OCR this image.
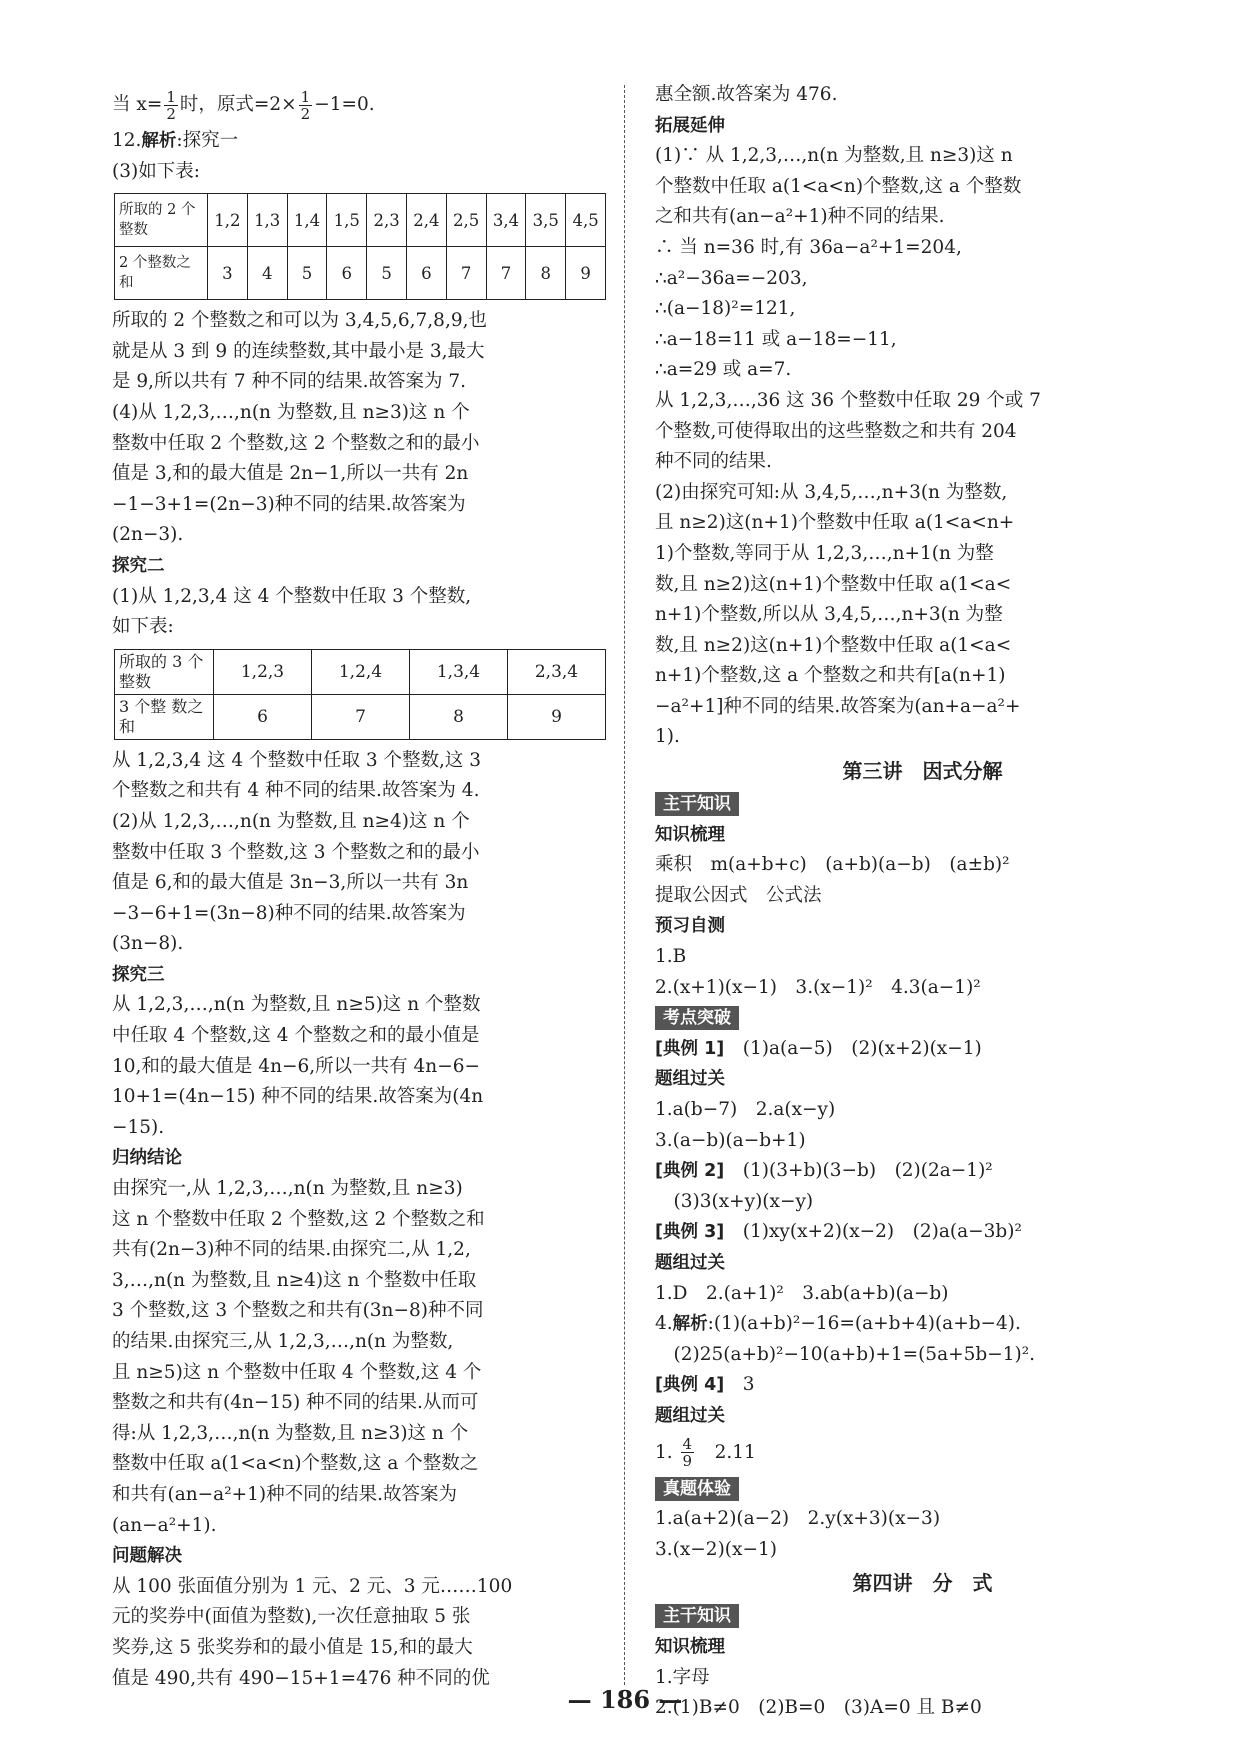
当 $x= \frac{1}{2}$ 时，原式$=2\times \frac{1}{2} -1=0$.
12.解析:探究一
(3)如下表:
所取的 2 个整数	1,2	1,3	1,4	1,5	2,3	2,4	2,5	3,4	3,5	4,5
2 个整数之和	3	4	5	6	5	6	7	7	8	9
所取的 2 个整数之和可以为 3,4,5,6,7,8,9,也
就是从 3 到 9 的连续整数,其中最小是 3,最大
是 9,所以共有 7 种不同的结果.故答案为 7.
(4)从 1,2,3,…,n(n 为整数,且 n≥3)这 n 个
整数中任取 2 个整数,这 2 个整数之和的最小
值是 3,和的最大值是 2n−1,所以一共有 2n
−1−3+1=(2n−3)种不同的结果.故答案为
(2n−3).
探究二
(1)从 1,2,3,4 这 4 个整数中任取 3 个整数,
如下表:
所取的 3 个整数	1,2,3	1,2,4	1,3,4	2,3,4
3 个整 数之和	6	7	8	9
从 1,2,3,4 这 4 个整数中任取 3 个整数,这 3
个整数之和共有 4 种不同的结果.故答案为 4.
(2)从 1,2,3,…,n(n 为整数,且 n≥4)这 n 个
整数中任取 3 个整数,这 3 个整数之和的最小
值是 6,和的最大值是 3n−3,所以一共有 3n
−3−6+1=(3n−8)种不同的结果.故答案为
(3n−8).
探究三
从 1,2,3,…,n(n 为整数,且 n≥5)这 n 个整数
中任取 4 个整数,这 4 个整数之和的最小值是
10,和的最大值是 4n−6,所以一共有 4n−6−
10+1=(4n−15) 种不同的结果.故答案为(4n
−15).
归纳结论
由探究一,从 1,2,3,…,n(n 为整数,且 n≥3)
这 n 个整数中任取 2 个整数,这 2 个整数之和
共有(2n−3)种不同的结果.由探究二,从 1,2,
3,…,n(n 为整数,且 n≥4)这 n 个整数中任取
3 个整数,这 3 个整数之和共有(3n−8)种不同
的结果.由探究三,从 1,2,3,…,n(n 为整数,
且 n≥5)这 n 个整数中任取 4 个整数,这 4 个
整数之和共有(4n−15) 种不同的结果.从而可
得:从 1,2,3,…,n(n 为整数,且 n≥3)这 n 个
整数中任取 a(1<a<n)个整数,这 a 个整数之
和共有(an−a²+1)种不同的结果.故答案为
(an−a²+1).
问题解决
从 100 张面值分别为 1 元、2 元、3 元……100
元的奖券中(面值为整数),一次任意抽取 5 张
奖券,这 5 张奖券和的最小值是 15,和的最大
值是 490,共有 490−15+1=476 种不同的优
惠全额.故答案为 476.
拓展延伸
(1)∵ 从 1,2,3,…,n(n 为整数,且 n≥3)这 n
个整数中任取 a(1<a<n)个整数,这 a 个整数
之和共有(an−a²+1)种不同的结果.
∴ 当 n=36 时,有 36a−a²+1=204,
∴a²−36a=−203,
∴(a−18)²=121,
∴a−18=11 或 a−18=−11,
∴a=29 或 a=7.
从 1,2,3,…,36 这 36 个整数中任取 29 个或 7
个整数,可使得取出的这些整数之和共有 204
种不同的结果.
(2)由探究可知:从 3,4,5,…,n+3(n 为整数,
且 n≥2)这(n+1)个整数中任取 a(1<a<n+
1)个整数,等同于从 1,2,3,…,n+1(n 为整
数,且 n≥2)这(n+1)个整数中任取 a(1<a<
n+1)个整数,所以从 3,4,5,…,n+3(n 为整
数,且 n≥2)这(n+1)个整数中任取 a(1<a<
n+1)个整数,这 a 个整数之和共有[a(n+1)
−a²+1]种不同的结果.故答案为(an+a−a²+
1).
第三讲　因式分解
主干知识
知识梳理
乘积　m(a+b+c)　(a+b)(a−b)　(a±b)²
提取公因式　公式法
预习自测
1.B
2.(x+1)(x−1)　3.(x−1)²　4.3(a−1)²
考点突破
[典例 1]　(1)a(a−5)　(2)(x+2)(x−1)
题组过关
1.a(b−7)　2.a(x−y)
3.(a−b)(a−b+1)
[典例 2]　(1)(3+b)(3−b)　(2)(2a−1)²
　(3)3(x+y)(x−y)
[典例 3]　(1)xy(x+2)(x−2)　(2)a(a−3b)²
题组过关
1.D　2.(a+1)²　3.ab(a+b)(a−b)
4.解析:(1)(a+b)²−16=(a+b+4)(a+b−4).
　(2)25(a+b)²−10(a+b)+1=(5a+5b−1)².
[典例 4]　3
题组过关
1. $\frac{4}{9}$ 　2.11
真题体验
1.a(a+2)(a−2)　2.y(x+3)(x−3)
3.(x−2)(x−1)
第四讲　分　式
主干知识
知识梳理
1.字母
2.(1)B≠0　(2)B=0　(3)A=0 且 B≠0
— 186 —
